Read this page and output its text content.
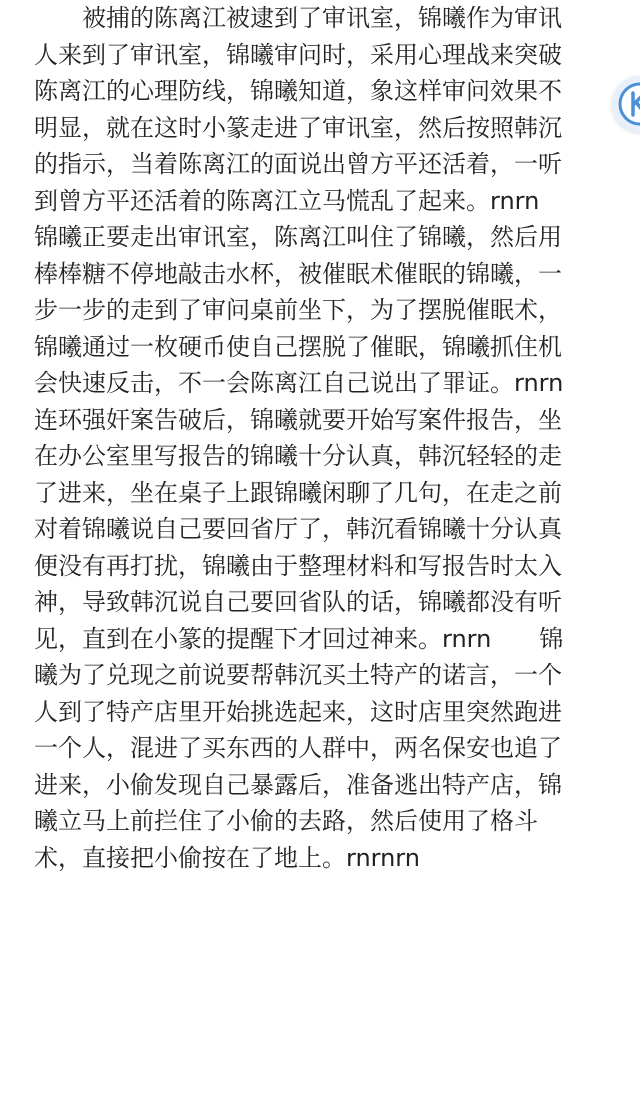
被捕的陈离江被逮到了审讯室，锦曦作为审讯
人来到了审讯室，锦曦审问时，采用心理战来突破
陈离江的心理防线，锦曦知道，象这样审问效果不
明显，就在这时小篆走进了审讯室，然后按照韩沉
的指示，当着陈离江的面说出曾方平还活着，一听
到曾方平还活着的陈离江立马慌乱了起来。rnrn
锦曦正要走出审讯室，陈离江叫住了锦曦，然后用
棒棒糖不停地敲击水杯，被催眠术催眠的锦曦，一
步一步的走到了审问桌前坐下，为了摆脱催眠术，
锦曦通过一枚硬币使自己摆脱了催眠，锦曦抓住机
会快速反击，不一会陈离江自己说出了罪证。rnrn
连环强奸案告破后，锦曦就要开始写案件报告，坐
在办公室里写报告的锦曦十分认真，韩沉轻轻的走
了进来，坐在桌子上跟锦曦闲聊了几句，在走之前
对着锦曦说自己要回省厅了，韩沉看锦曦十分认真
便没有再打扰，锦曦由于整理材料和写报告时太入
神，导致韩沉说自己要回省队的话，锦曦都没有听
见，直到在小篆的提醒下才回过神来。rnrn　　锦
曦为了兑现之前说要帮韩沉买土特产的诺言，一个
人到了特产店里开始挑选起来，这时店里突然跑进
一个人，混进了买东西的人群中，两名保安也追了
进来，小偷发现自己暴露后，准备逃出特产店，锦
曦立马上前拦住了小偷的去路，然后使用了格斗
术，直接把小偷按在了地上。rnrnrn
